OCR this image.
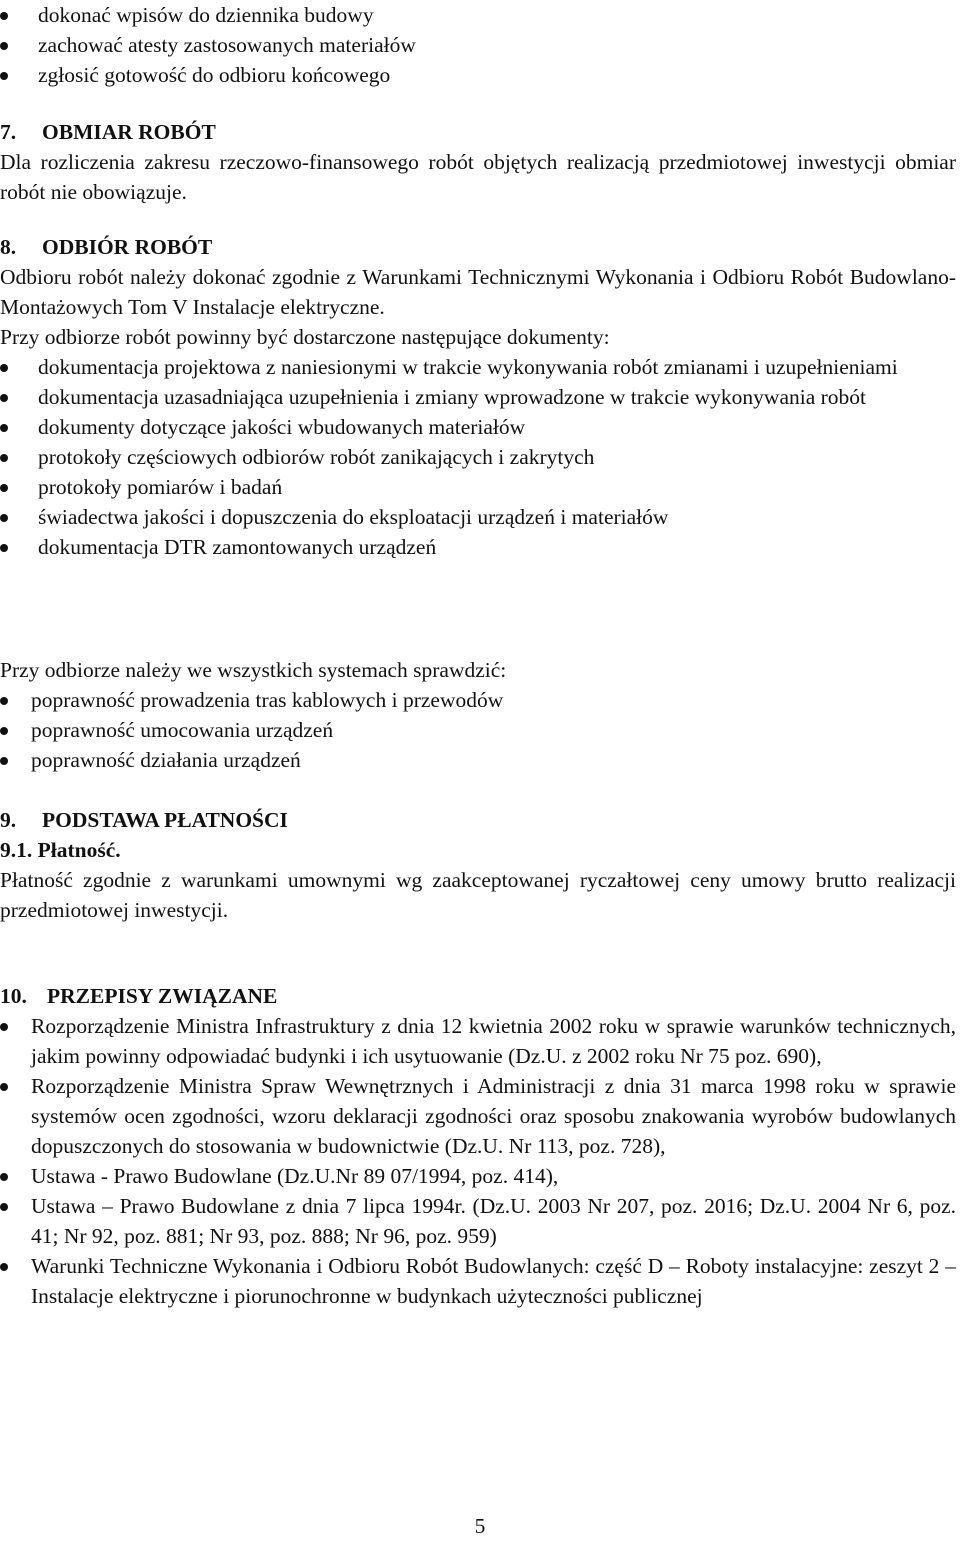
dokonać wpisów do dziennika budowy
zachować atesty zastosowanych materiałów
zgłosić gotowość do odbioru końcowego
7. OBMIAR ROBÓT
Dla rozliczenia zakresu rzeczowo-finansowego robót objętych realizacją przedmiotowej inwestycji obmiar robót nie obowiązuje.
8. ODBIÓR ROBÓT
Odbioru robót należy dokonać zgodnie z Warunkami Technicznymi Wykonania i Odbioru Robót Budowlano-Montażowych Tom V Instalacje elektryczne.
Przy odbiorze robót powinny być dostarczone następujące dokumenty:
dokumentacja projektowa z naniesionymi w trakcie wykonywania robót zmianami i uzupełnieniami
dokumentacja uzasadniająca uzupełnienia i zmiany wprowadzone w trakcie wykonywania robót
dokumenty dotyczące jakości wbudowanych materiałów
protokoły częściowych odbiorów robót zanikających i zakrytych
protokoły pomiarów i badań
świadectwa jakości i dopuszczenia do eksploatacji urządzeń i materiałów
dokumentacja DTR zamontowanych urządzeń
Przy odbiorze należy we wszystkich systemach sprawdzić:
poprawność prowadzenia tras kablowych i przewodów
poprawność umocowania urządzeń
poprawność działania urządzeń
9. PODSTAWA PŁATNOŚCI
9.1. Płatność.
Płatność zgodnie z warunkami umownymi wg zaakceptowanej ryczałtowej ceny umowy brutto realizacji przedmiotowej inwestycji.
10. PRZEPISY ZWIĄZANE
Rozporządzenie Ministra Infrastruktury z dnia 12 kwietnia 2002 roku w sprawie warunków technicznych, jakim powinny odpowiadać budynki i ich usytuowanie (Dz.U. z 2002 roku Nr 75 poz. 690),
Rozporządzenie Ministra Spraw Wewnętrznych i Administracji z dnia 31 marca 1998 roku w sprawie systemów ocen zgodności, wzoru deklaracji zgodności oraz sposobu znakowania wyrobów budowlanych dopuszczonych do stosowania w budownictwie (Dz.U. Nr 113, poz. 728),
Ustawa - Prawo Budowlane (Dz.U.Nr 89 07/1994, poz. 414),
Ustawa – Prawo Budowlane z dnia 7 lipca 1994r. (Dz.U. 2003 Nr 207, poz. 2016; Dz.U. 2004 Nr 6, poz. 41; Nr 92, poz. 881; Nr 93, poz. 888; Nr 96, poz. 959)
Warunki Techniczne Wykonania i Odbioru Robót Budowlanych: część D – Roboty instalacyjne: zeszyt 2 – Instalacje elektryczne i piorunochronne w budynkach użyteczności publicznej
5
